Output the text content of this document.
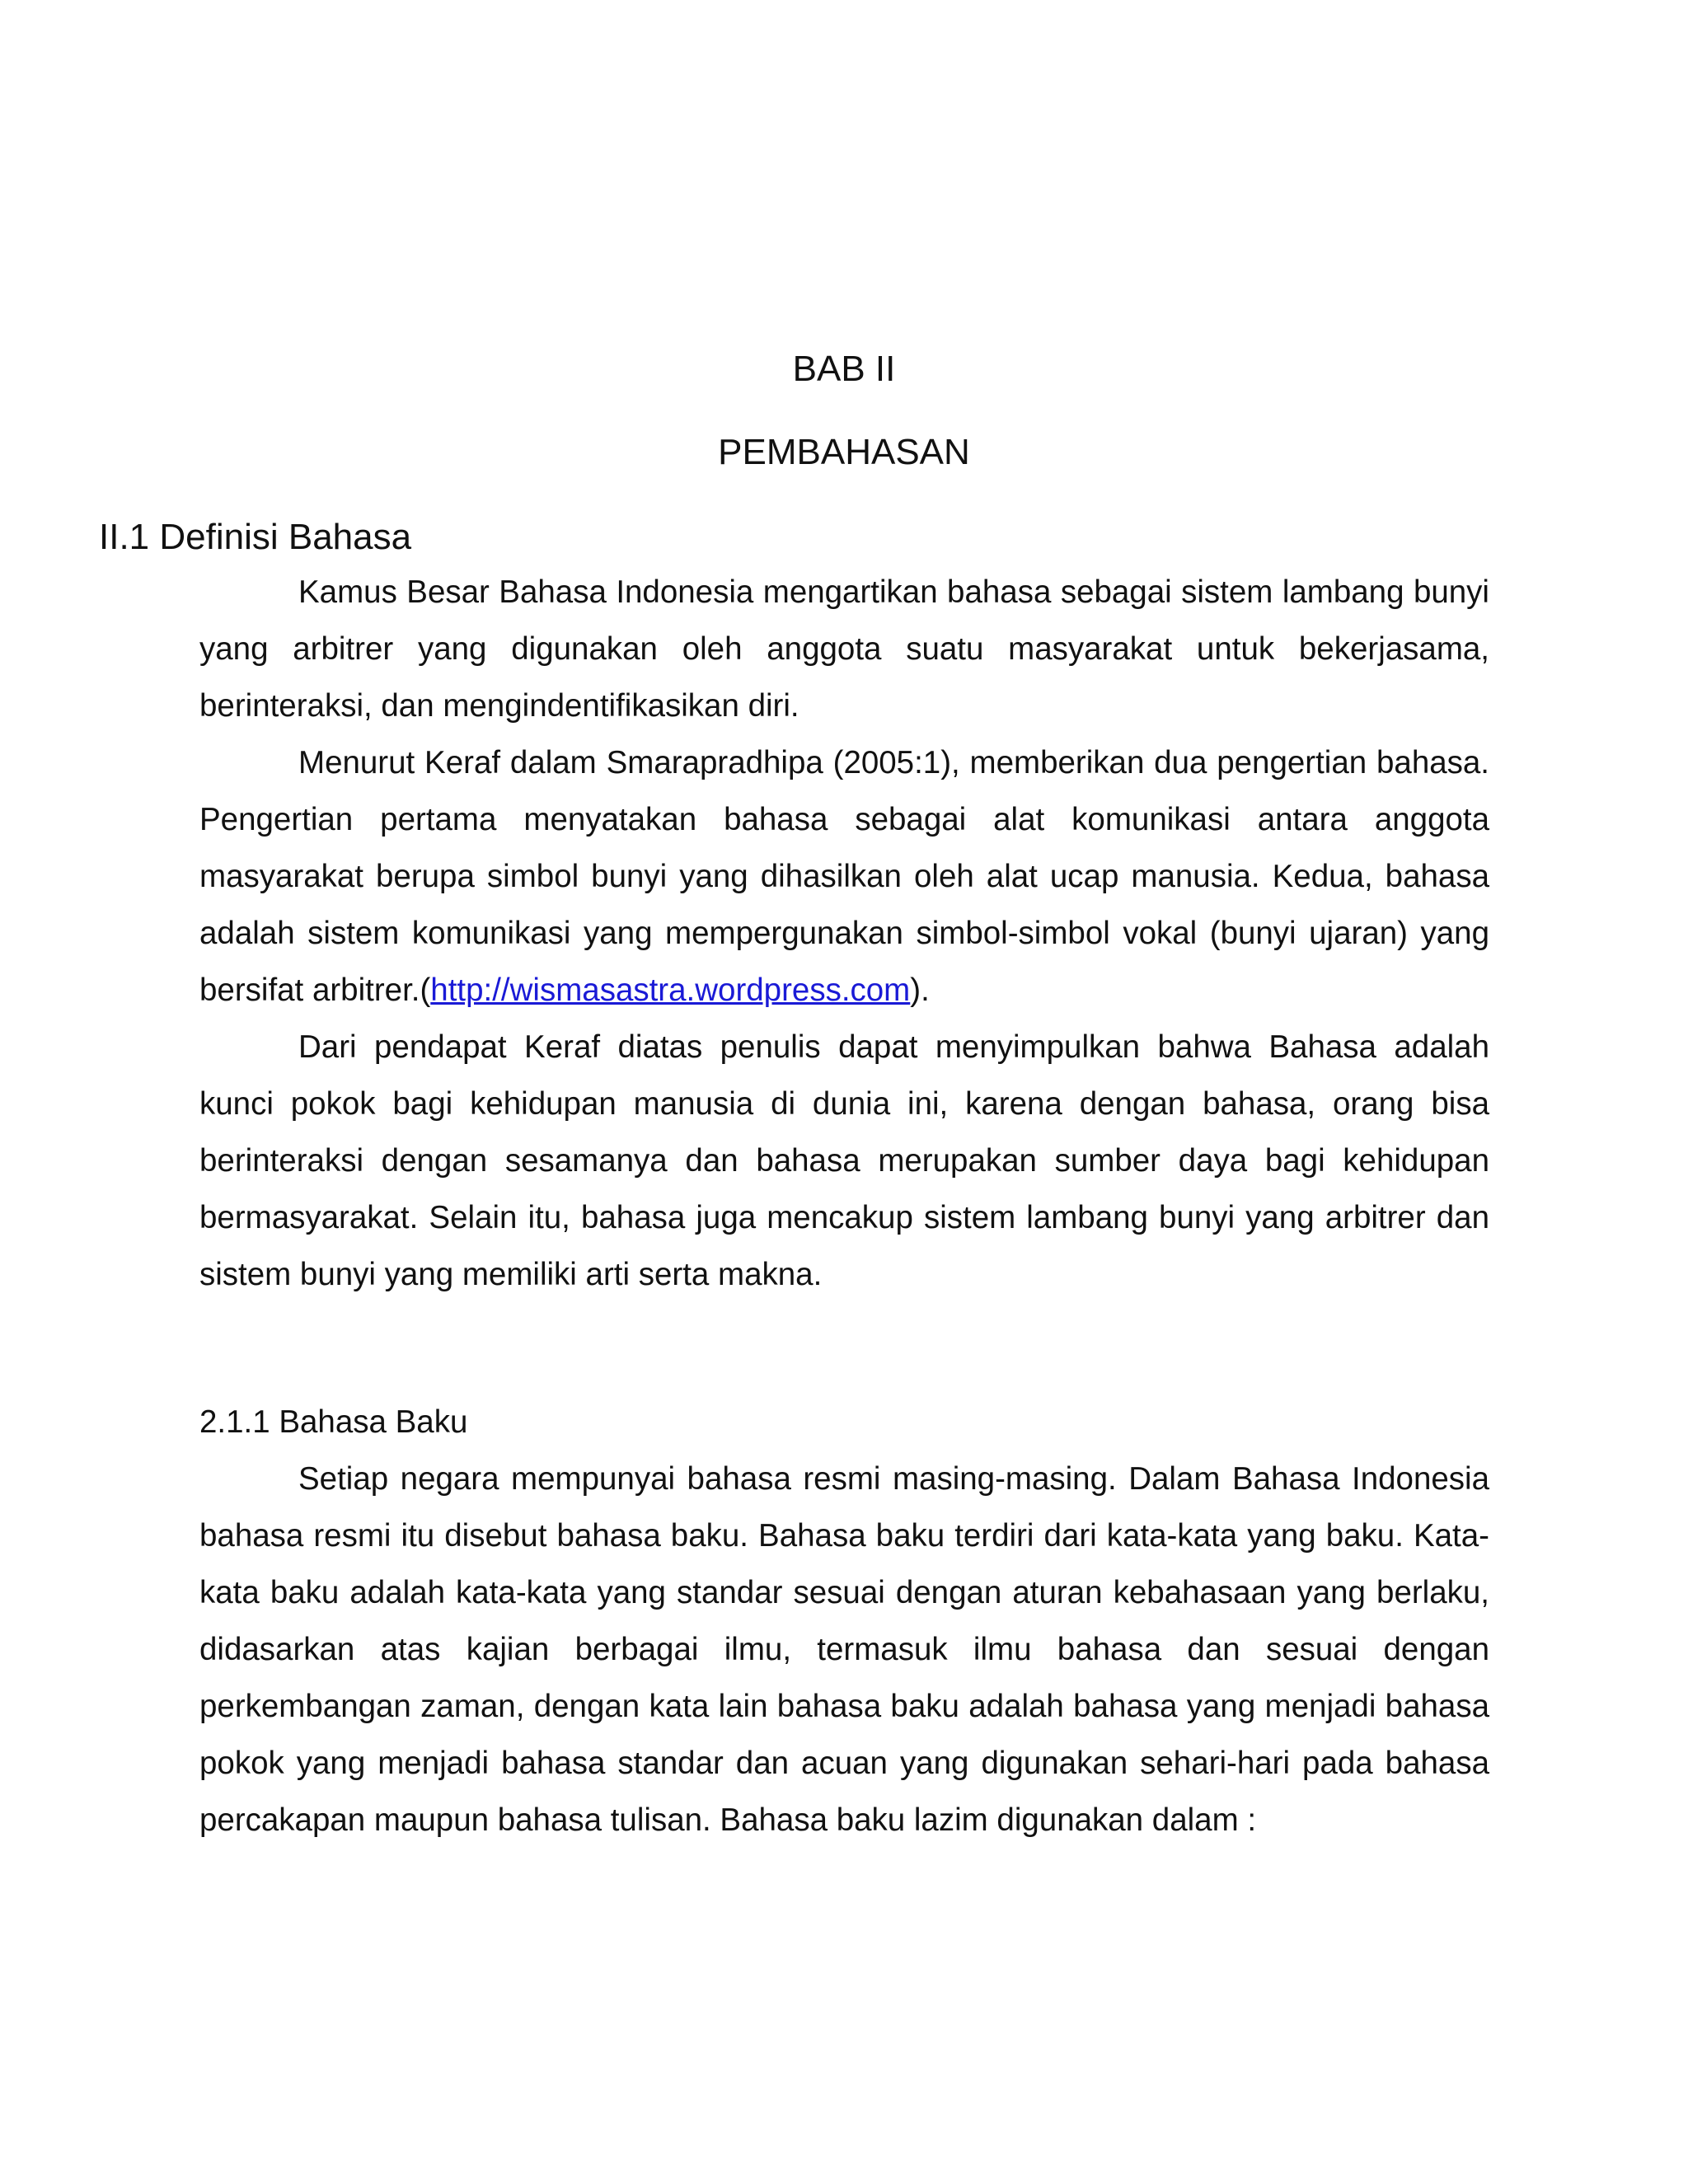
BAB II
PEMBAHASAN
II.1 Definisi Bahasa

Kamus Besar Bahasa Indonesia mengartikan bahasa sebagai sistem lambang bunyi yang arbitrer yang digunakan oleh anggota suatu masyarakat untuk bekerjasama, berinteraksi, dan mengindentifikasikan diri.

Menurut Keraf dalam Smarapradhipa (2005:1), memberikan dua pengertian bahasa. Pengertian pertama menyatakan bahasa sebagai alat komunikasi antara anggota masyarakat berupa simbol bunyi yang dihasilkan oleh alat ucap manusia. Kedua, bahasa adalah sistem komunikasi yang mempergunakan simbol-simbol vokal (bunyi ujaran) yang bersifat arbitrer.(http://wismasastra.wordpress.com).

Dari pendapat Keraf diatas penulis dapat menyimpulkan bahwa Bahasa adalah kunci pokok bagi kehidupan manusia di dunia ini, karena dengan bahasa, orang bisa berinteraksi dengan sesamanya dan bahasa merupakan sumber daya bagi kehidupan bermasyarakat. Selain itu, bahasa juga mencakup sistem lambang bunyi yang arbitrer dan sistem bunyi yang memiliki arti serta makna.

2.1.1 Bahasa Baku

Setiap negara mempunyai bahasa resmi masing-masing. Dalam Bahasa Indonesia bahasa resmi itu disebut bahasa baku. Bahasa baku terdiri dari kata-kata yang baku. Kata-kata baku adalah kata-kata yang standar sesuai dengan aturan kebahasaan yang berlaku, didasarkan atas kajian berbagai ilmu, termasuk ilmu bahasa dan sesuai dengan perkembangan zaman, dengan kata lain bahasa baku adalah bahasa yang menjadi bahasa pokok yang menjadi bahasa standar dan acuan yang digunakan sehari-hari pada bahasa percakapan maupun bahasa tulisan. Bahasa baku lazim digunakan dalam :
